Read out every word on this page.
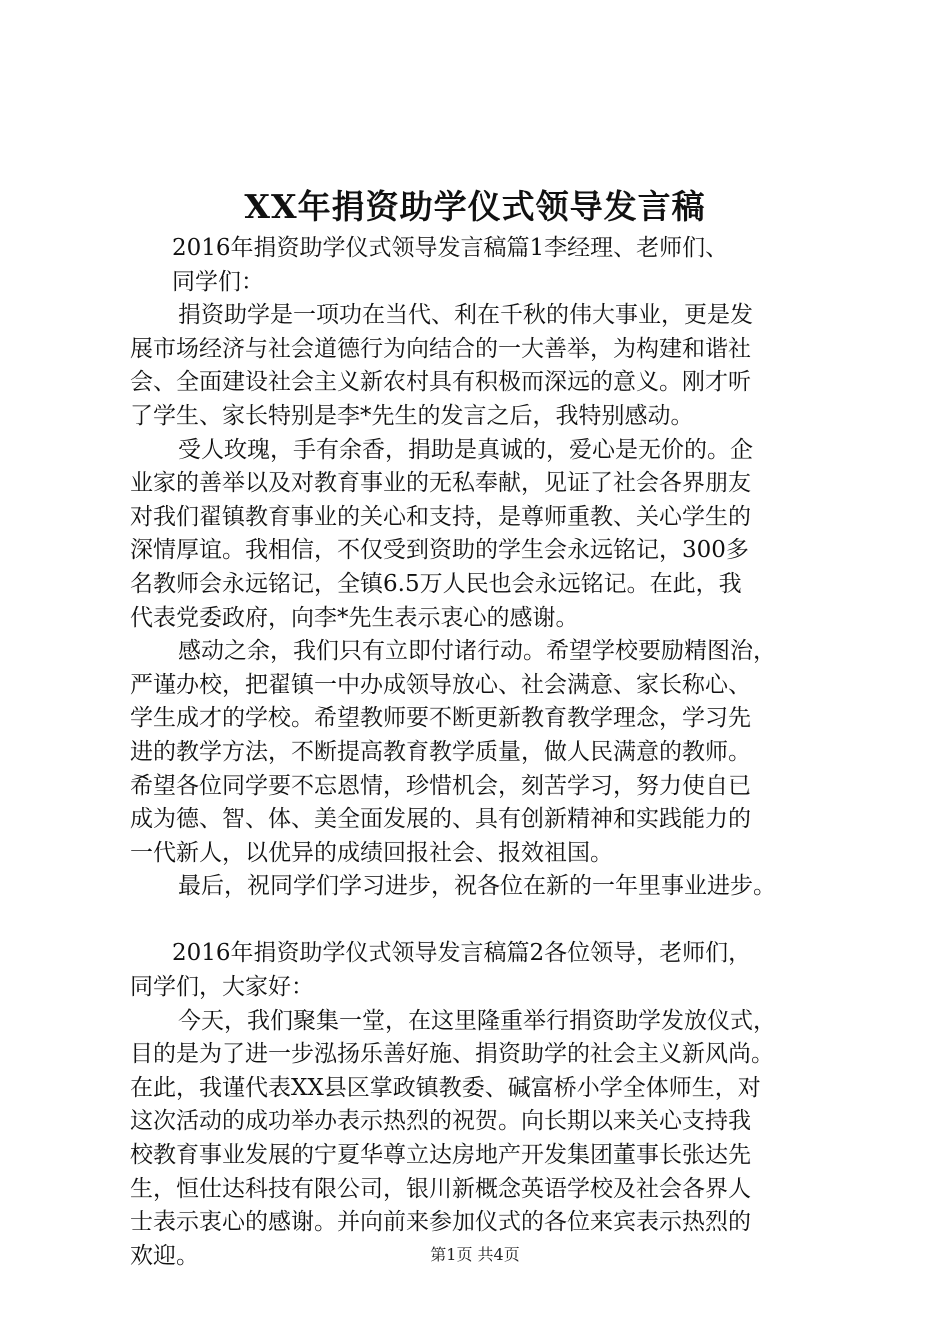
XX年捐资助学仪式领导发言稿
2016年捐资助学仪式领导发言稿篇1李经理、老师们、
同学们：
捐资助学是一项功在当代、利在千秋的伟大事业，更是发
展市场经济与社会道德行为向结合的一大善举，为构建和谐社
会、全面建设社会主义新农村具有积极而深远的意义。刚才听
了学生、家长特别是李*先生的发言之后，我特别感动。
受人玫瑰，手有余香，捐助是真诚的，爱心是无价的。企
业家的善举以及对教育事业的无私奉献，见证了社会各界朋友
对我们翟镇教育事业的关心和支持，是尊师重教、关心学生的
深情厚谊。我相信，不仅受到资助的学生会永远铭记，300多
名教师会永远铭记，全镇6.5万人民也会永远铭记。在此，我
代表党委政府，向李*先生表示衷心的感谢。
感动之余，我们只有立即付诸行动。希望学校要励精图治，
严谨办校，把翟镇一中办成领导放心、社会满意、家长称心、
学生成才的学校。希望教师要不断更新教育教学理念，学习先
进的教学方法，不断提高教育教学质量，做人民满意的教师。
希望各位同学要不忘恩情，珍惜机会，刻苦学习，努力使自已
成为德、智、体、美全面发展的、具有创新精神和实践能力的
一代新人，以优异的成绩回报社会、报效祖国。
最后，祝同学们学习进步，祝各位在新的一年里事业进步。
2016年捐资助学仪式领导发言稿篇2各位领导，老师们，
同学们，大家好：
今天，我们聚集一堂，在这里隆重举行捐资助学发放仪式，
目的是为了进一步泓扬乐善好施、捐资助学的社会主义新风尚。
在此，我谨代表XX县区掌政镇教委、碱富桥小学全体师生，对
这次活动的成功举办表示热烈的祝贺。向长期以来关心支持我
校教育事业发展的宁夏华尊立达房地产开发集团董事长张达先
生，恒仕达科技有限公司，银川新概念英语学校及社会各界人
士表示衷心的感谢。并向前来参加仪式的各位来宾表示热烈的
欢迎。	第1页 共4页
